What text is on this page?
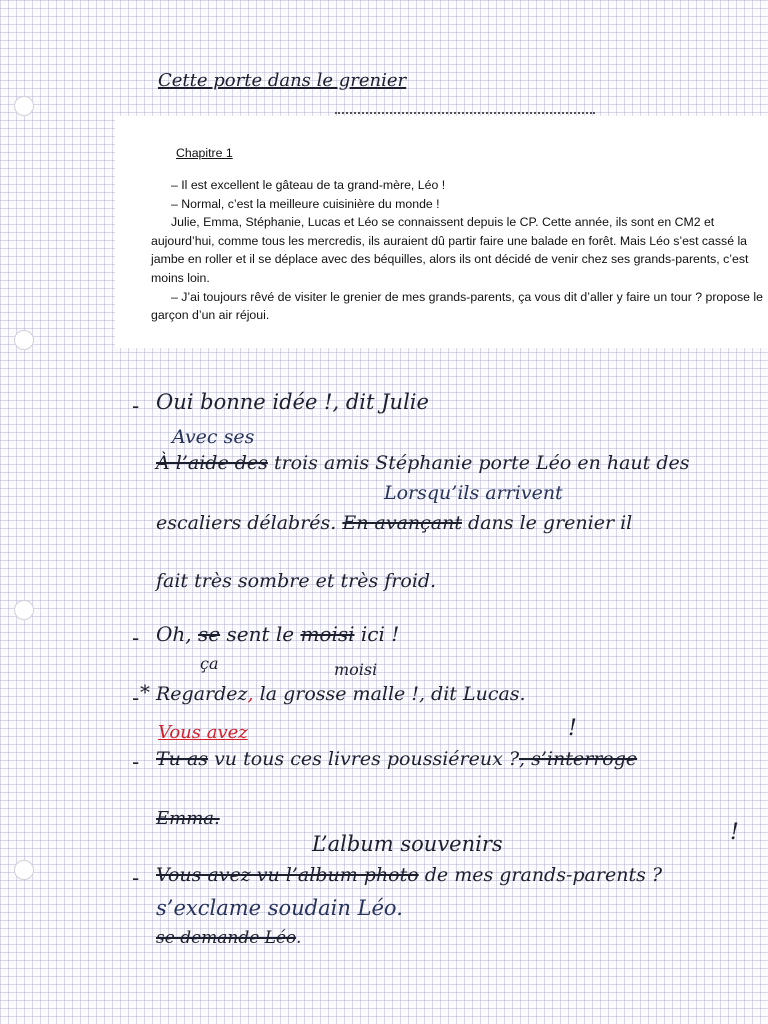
Cette porte dans le grenier
Chapitre 1

– Il est excellent le gâteau de ta grand-mère, Léo !

– Normal, c’est la meilleure cuisinière du monde !

Julie, Emma, Stéphanie, Lucas et Léo se connaissent depuis le CP. Cette année, ils sont en CM2 et aujourd’hui, comme tous les mercredis, ils auraient dû partir faire une balade en forêt. Mais Léo s’est cassé la jambe en roller et il se déplace avec des béquilles, alors ils ont décidé de venir chez ses grands-parents, c’est moins loin.

– J’ai toujours rêvé de visiter le grenier de mes grands-parents, ça vous dit d’aller y faire un tour ? propose le garçon d’un air réjoui.

- Oui bonne idée !, dit Julie
Avec ses
À l’aide des trois amis Stéphanie porte Léo en haut des
Lorsqu’ils arrivent
escaliers délabrés. En avançant dans le grenier il
fait très sombre et très froid.
- Oh, se sent le moisi ici !
ça	moisi
- * Regardez, la grosse malle !, dit Lucas.
Vous avez	!
- Tu as vu tous ces livres poussiéreux ?, s’interroge
Emma.
L’album souvenirs	!
- Vous avez vu l’album photo de mes grands-parents ?
s’exclame soudain Léo.
se demande Léo.
